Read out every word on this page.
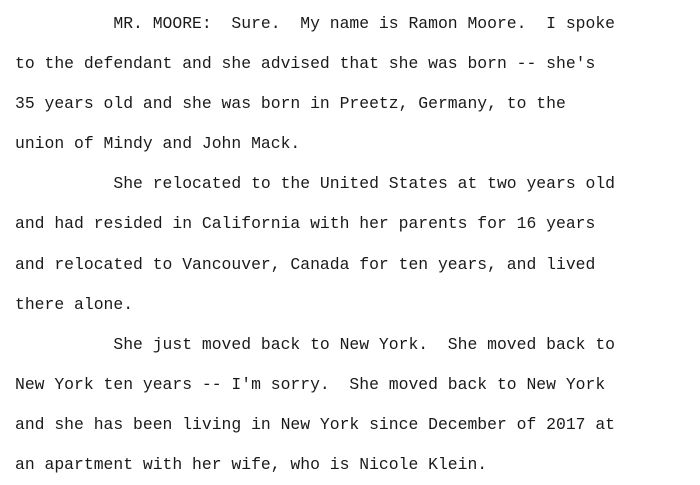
MR. MOORE:  Sure.  My name is Ramon Moore.  I spoke
to the defendant and she advised that she was born -- she's
35 years old and she was born in Preetz, Germany, to the
union of Mindy and John Mack.
She relocated to the United States at two years old
and had resided in California with her parents for 16 years
and relocated to Vancouver, Canada for ten years, and lived
there alone.
She just moved back to New York.  She moved back to
New York ten years -- I'm sorry.  She moved back to New York
and she has been living in New York since December of 2017 at
an apartment with her wife, who is Nicole Klein.
